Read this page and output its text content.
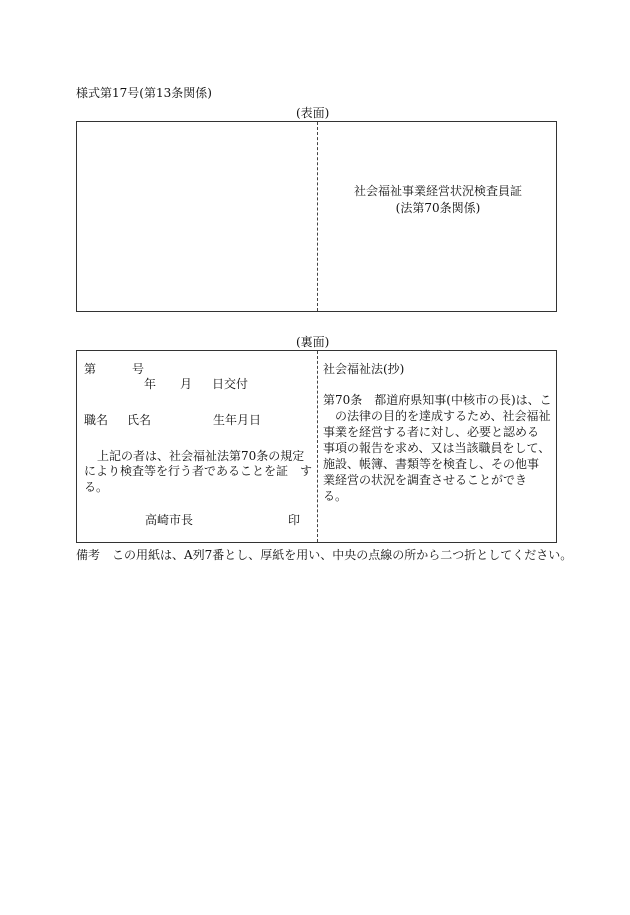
様式第17号(第13条関係)
(表面)
社会福祉事業経営状況検査員証
(法第70条関係)
(裏面)
第	号
年 月 日交付
職名 氏名	生年月日
上記の者は、社会福祉法第70条の規定
により検査等を行う者であることを証　する。
高崎市長	印
社会福祉法(抄)
第70条　都道府県知事(中核市の長)は、こ
の法律の目的を達成するため、社会福祉
事業を経営する者に対し、必要と認める
事項の報告を求め、又は当該職員をして、
施設、帳簿、書類等を検査し、その他事
業経営の状況を調査させることができ
る。
備考　この用紙は、A列7番とし、厚紙を用い、中央の点線の所から二つ折としてください。
